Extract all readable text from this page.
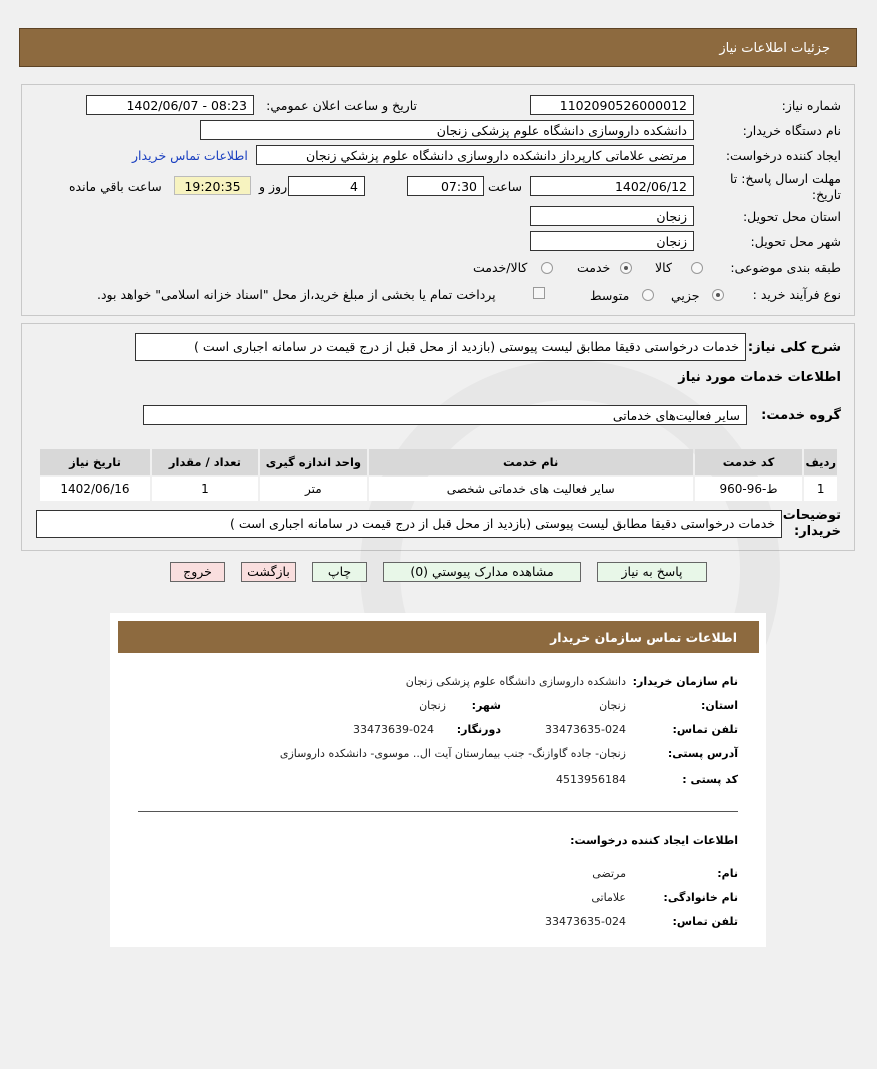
جزئيات اطلاعات نياز
شماره نياز:
1102090526000012
تاريخ و ساعت اعلان عمومي:
1402/06/07 - 08:23
نام دستگاه خريدار:
دانشکده داروسازی دانشگاه علوم پزشکی زنجان
ايجاد کننده درخواست:
مرتضی علاماتی کارپرداز دانشکده داروسازی دانشگاه علوم پزشکي زنجان
اطلاعات تماس خريدار
مهلت ارسال پاسخ: تا
تاريخ:
1402/06/12
ساعت
07:30
4
روز و
19:20:35
ساعت باقي مانده
استان محل تحويل:
زنجان
شهر محل تحويل:
زنجان
طبقه بندی موضوعی:
کالا
خدمت
کالا/خدمت
نوع فرآيند خريد :
جزيي
متوسط
پرداخت تمام يا بخشی از مبلغ خريد،از محل "اسناد خزانه اسلامی" خواهد بود.
شرح کلی نياز:
خدمات درخواستی دقیقا مطابق لیست پیوستی (بازدید از محل قبل از درج قیمت در سامانه اجباری است )
اطلاعات خدمات مورد نياز
گروه خدمت:
ساير فعاليت‌های خدماتی
رديف	کد خدمت	نام خدمت	واحد اندازه گيری	تعداد / مقدار	تاريخ نياز
1	ط-96-960	ساير فعاليت های خدماتی شخصی	متر	1	1402/06/16
توضيحات
خريدار:
خدمات درخواستی دقیقا مطابق لیست پیوستی (بازدید از محل قبل از درج قیمت در سامانه اجباری است )
پاسخ به نياز
مشاهده مدارک پيوستي (0)
چاپ
بازگشت
خروج
اطلاعات تماس سازمان خريدار
نام سازمان خريدار:
دانشکده داروسازی دانشگاه علوم پزشکی زنجان
استان:
زنجان
شهر:
زنجان
تلفن تماس:
33473635-024
دورنگار:
33473639-024
آدرس پستی:
زنجان- جاده گاوازنگ- جنب بیمارستان آیت ال.. موسوی- دانشکده داروسازی
کد پستی :
4513956184
اطلاعات ايجاد کننده درخواست:
نام:
مرتضی
نام خانوادگی:
علاماتی
تلفن تماس:
33473635-024
